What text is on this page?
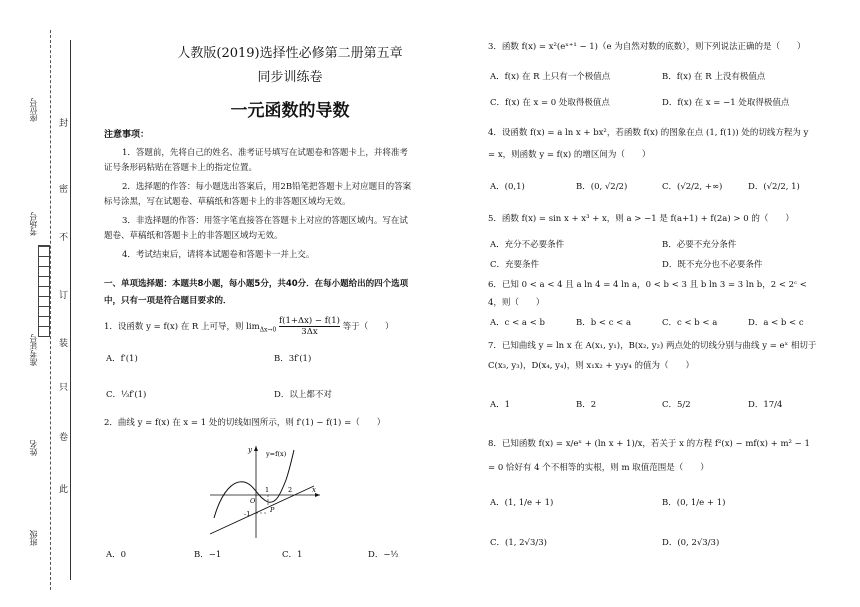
封
密
不
订
装
只
卷
此
座位号
考场号
准考证号
姓名
班级
人教版(2019)选择性必修第二册第五章
同步训练卷
一元函数的导数
注意事项：
1．答题前，先将自己的姓名、准考证号填写在试题卷和答题卡上，并将准考证号条形码粘贴在答题卡上的指定位置。
2．选择题的作答：每小题选出答案后，用2B铅笔把答题卡上对应题目的答案标号涂黑，写在试题卷、草稿纸和答题卡上的非答题区域均无效。
3．非选择题的作答：用签字笔直接答在答题卡上对应的答题区域内。写在试题卷、草稿纸和答题卡上的非答题区域均无效。
4．考试结束后，请将本试题卷和答题卡一并上交。
一、单项选择题：本题共8小题，每小题5分，共40分．在每小题给出的四个选项中，只有一项是符合题目要求的．
1．设函数 y = f(x) 在 R 上可导，则 $\lim_{\Delta x\to 0} \frac{f(1+\Delta x) - f(1)}{3\Delta x}$ 等于（　　）
A．f′(1)	B．3f′(1)
C．⅓f′(1)	D．以上都不对
2．曲线 y = f(x) 在 x = 1 处的切线如图所示，则 f′(1) − f(1) =（　　）
y
x
y=f(x)
O
1	2
-1	P
A．0	B．−1	C．1	D．−½
3．函数 f(x) = x²(eˣ⁺¹ − 1)（e 为自然对数的底数），则下列说法正确的是（　　）
A．f(x) 在 R 上只有一个极值点	B．f(x) 在 R 上没有极值点
C．f(x) 在 x = 0 处取得极值点	D．f(x) 在 x = −1 处取得极值点
4．设函数 f(x) = a ln x + bx²，若函数 f(x) 的图象在点 (1, f(1)) 处的切线方程为 y = x，则函数 y = f(x) 的增区间为（　　）
A．(0,1)	B．(0, √2/2)	C．(√2/2, +∞)	D．(√2/2, 1)
5．函数 f(x) = sin x + x³ + x，则 a > −1 是 f(a+1) + f(2a) > 0 的（　　）
A．充分不必要条件	B．必要不充分条件
C．充要条件	D．既不充分也不必要条件
6．已知 0 < a < 4 且 a ln 4 = 4 ln a，0 < b < 3 且 b ln 3 = 3 ln b，2 < 2ᶜ < 4，则（　　）
A．c < a < b	B．b < c < a	C．c < b < a	D．a < b < c
7．已知曲线 y = ln x 在 A(x₁, y₁)，B(x₂, y₂) 两点处的切线分别与曲线 y = eˣ 相切于 C(x₃, y₃)，D(x₄, y₄)，则 x₁x₂ + y₃y₄ 的值为（　　）
A．1	B．2	C．5/2	D．17/4
8．已知函数 f(x) = x/eˣ + (ln x + 1)/x，若关于 x 的方程 f²(x) − mf(x) + m² − 1 = 0 恰好有 4 个不相等的实根，则 m 取值范围是（　　）
A．(1, 1/e + 1)	B．(0, 1/e + 1)
C．(1, 2√3/3)	D．(0, 2√3/3)
